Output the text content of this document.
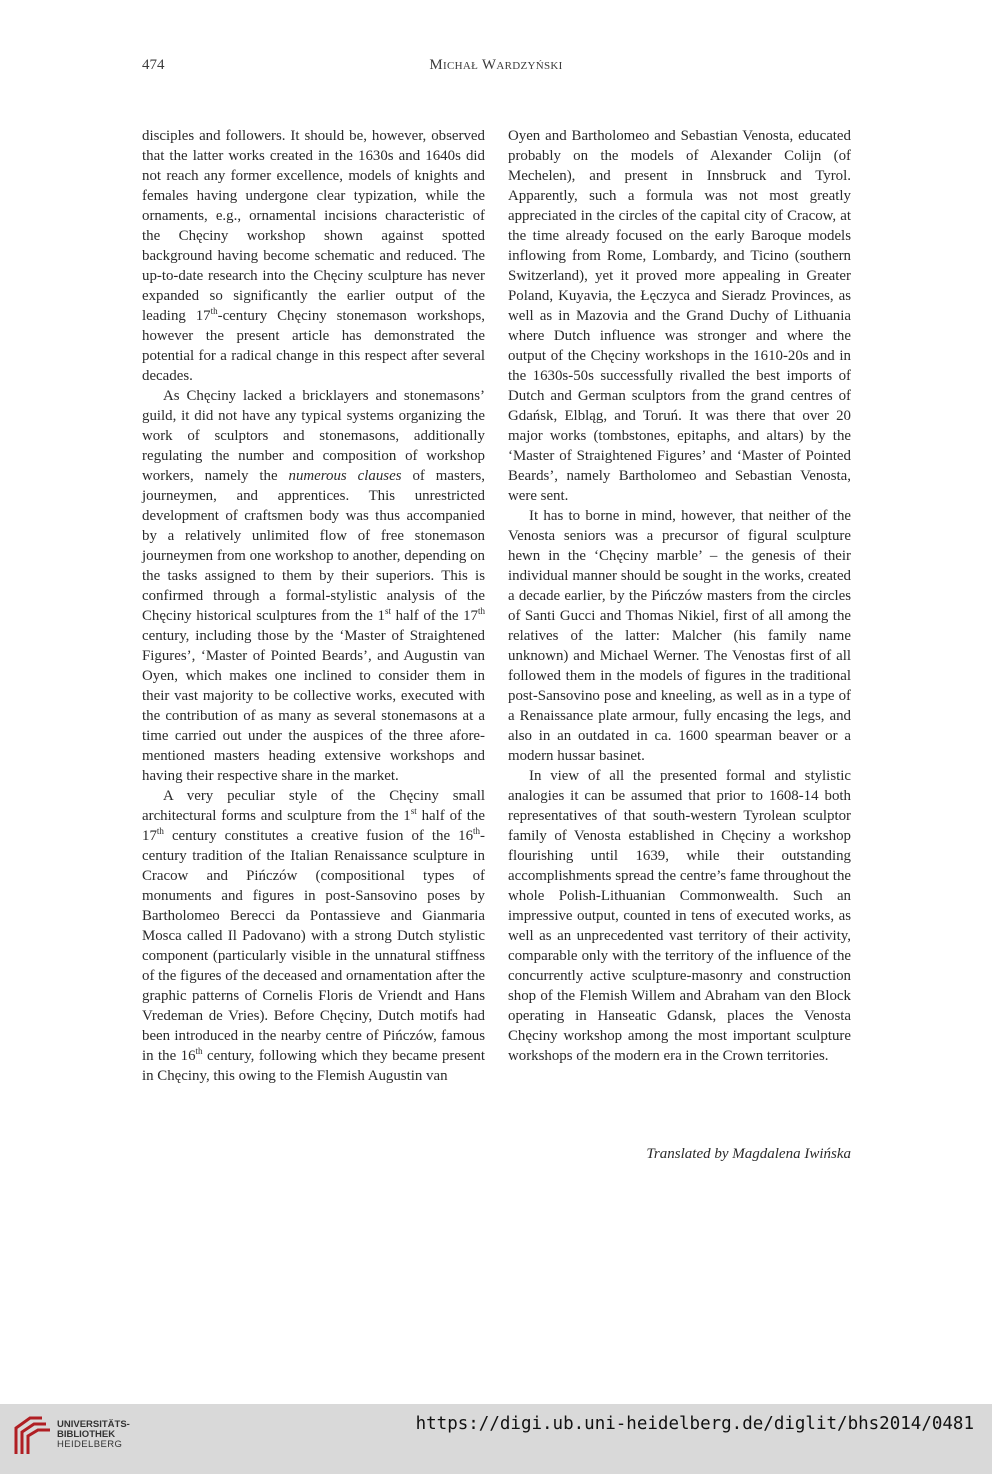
474	Michał Wardzyński

disciples and followers. It should be, however, observed that the latter works created in the 1630s and 1640s did not reach any former excellence, models of knights and females having undergone clear typization, while the ornaments, e.g., ornamental incisions characteristic of the Chęciny workshop shown against spotted background having become schematic and reduced. The up-to-date research into the Chęciny sculpture has never expanded so significantly the earlier output of the leading 17th-century Chęciny stonemason workshops, however the present article has demonstrated the potential for a radical change in this respect after several decades.

As Chęciny lacked a bricklayers and stonemasons’ guild, it did not have any typical systems organizing the work of sculptors and stonemasons, additionally regulating the number and composition of workshop workers, namely the numerous clauses of masters, journeymen, and apprentices. This unrestricted development of craftsmen body was thus accompanied by a relatively unlimited flow of free stonemason journeymen from one workshop to another, depending on the tasks assigned to them by their superiors. This is confirmed through a formal-stylistic analysis of the Chęciny historical sculptures from the 1st half of the 17th century, including those by the ‘Master of Straightened Figures’, ‘Master of Pointed Beards’, and Augustin van Oyen, which makes one inclined to consider them in their vast majority to be collective works, executed with the contribution of as many as several stonemasons at a time carried out under the auspices of the three aforementioned masters heading extensive workshops and having their respective share in the market.

A very peculiar style of the Chęciny small architectural forms and sculpture from the 1st half of the 17th century constitutes a creative fusion of the 16th-century tradition of the Italian Renaissance sculpture in Cracow and Pińczów (compositional types of monuments and figures in post-Sansovino poses by Bartholomeo Berecci da Pontassieve and Gianmaria Mosca called Il Padovano) with a strong Dutch stylistic component (particularly visible in the unnatural stiffness of the figures of the deceased and ornamentation after the graphic patterns of Cornelis Floris de Vriendt and Hans Vredeman de Vries). Before Chęciny, Dutch motifs had been introduced in the nearby centre of Pińczów, famous in the 16th century, following which they became present in Chęciny, this owing to the Flemish Augustin van

Oyen and Bartholomeo and Sebastian Venosta, educated probably on the models of Alexander Colijn (of Mechelen), and present in Innsbruck and Tyrol. Apparently, such a formula was not most greatly appreciated in the circles of the capital city of Cracow, at the time already focused on the early Baroque models inflowing from Rome, Lombardy, and Ticino (southern Switzerland), yet it proved more appealing in Greater Poland, Kuyavia, the Łęczyca and Sieradz Provinces, as well as in Mazovia and the Grand Duchy of Lithuania where Dutch influence was stronger and where the output of the Chęciny workshops in the 1610-20s and in the 1630s-50s successfully rivalled the best imports of Dutch and German sculptors from the grand centres of Gdańsk, Elbląg, and Toruń. It was there that over 20 major works (tombstones, epitaphs, and altars) by the ‘Master of Straightened Figures’ and ‘Master of Pointed Beards’, namely Bartholomeo and Sebastian Venosta, were sent.

It has to borne in mind, however, that neither of the Venosta seniors was a precursor of figural sculpture hewn in the ‘Chęciny marble’ – the genesis of their individual manner should be sought in the works, created a decade earlier, by the Pińczów masters from the circles of Santi Gucci and Thomas Nikiel, first of all among the relatives of the latter: Malcher (his family name unknown) and Michael Werner. The Venostas first of all followed them in the models of figures in the traditional post-Sansovino pose and kneeling, as well as in a type of a Renaissance plate armour, fully encasing the legs, and also in an outdated in ca. 1600 spearman beaver or a modern hussar basinet.

In view of all the presented formal and stylistic analogies it can be assumed that prior to 1608-14 both representatives of that south-western Tyrolean sculptor family of Venosta established in Chęciny a workshop flourishing until 1639, while their outstanding accomplishments spread the centre’s fame throughout the whole Polish-Lithuanian Commonwealth. Such an impressive output, counted in tens of executed works, as well as an unprecedented vast territory of their activity, comparable only with the territory of the influence of the concurrently active sculpture-masonry and construction shop of the Flemish Willem and Abraham van den Block operating in Hanseatic Gdansk, places the Venosta Chęciny workshop among the most important sculpture workshops of the modern era in the Crown territories.

Translated by Magdalena Iwińska
UNIVERSITÄTS-
BIBLIOTHEK
HEIDELBERG
https://digi.ub.uni-heidelberg.de/diglit/bhs2014/0481
